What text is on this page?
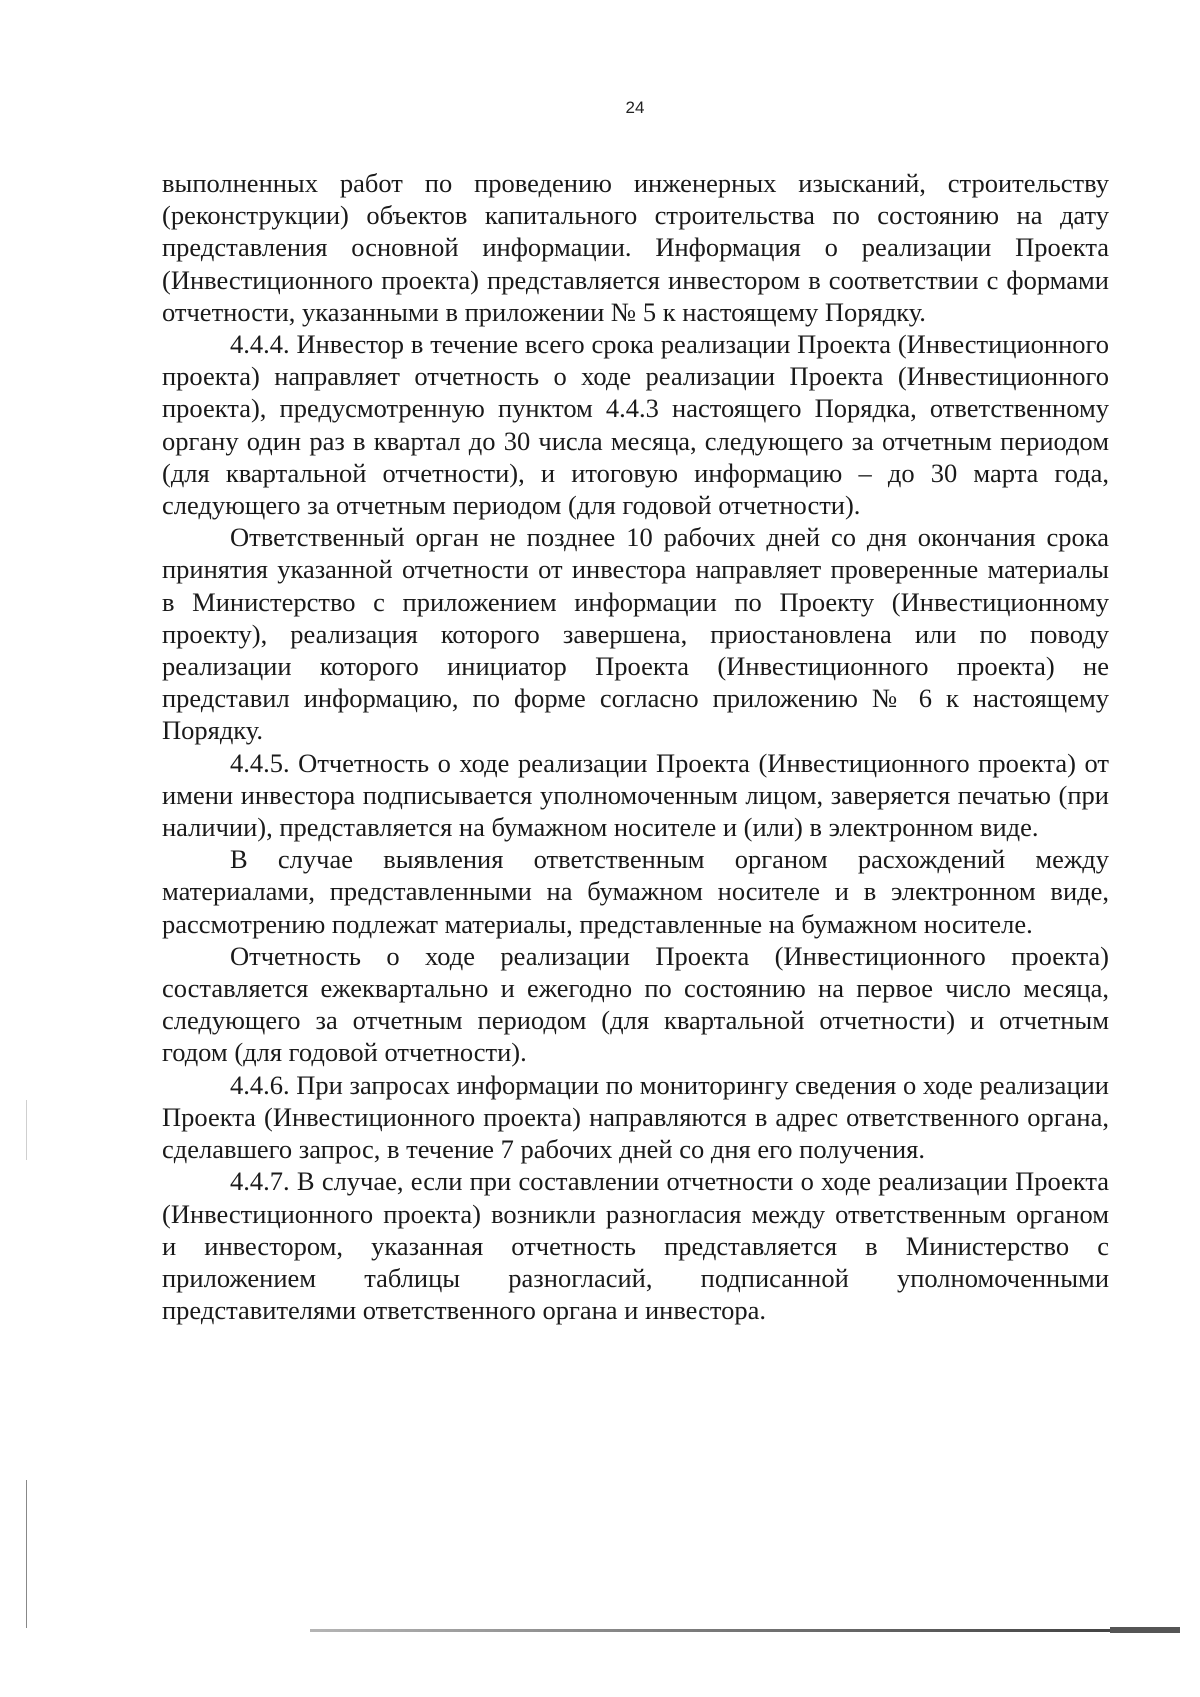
24

выполненных работ по проведению инженерных изысканий, строительству (реконструкции) объектов капитального строительства по состоянию на дату представления основной информации. Информация о реализации Проекта (Инвестиционного проекта) представляется инвестором в соответствии с формами отчетности, указанными в приложении № 5 к настоящему Порядку.

4.4.4. Инвестор в течение всего срока реализации Проекта (Инвестиционного проекта) направляет отчетность о ходе реализации Проекта (Инвестиционного проекта), предусмотренную пунктом 4.4.3 настоящего Порядка, ответственному органу один раз в квартал до 30 числа месяца, следующего за отчетным периодом (для квартальной отчетности), и итоговую информацию – до 30 марта года, следующего за отчетным периодом (для годовой отчетности).

Ответственный орган не позднее 10 рабочих дней со дня окончания срока принятия указанной отчетности от инвестора направляет проверенные материалы в Министерство с приложением информации по Проекту (Инвестиционному проекту), реализация которого завершена, приостановлена или по поводу реализации которого инициатор Проекта (Инвестиционного проекта) не представил информацию, по форме согласно приложению № 6 к настоящему Порядку.

4.4.5. Отчетность о ходе реализации Проекта (Инвестиционного проекта) от имени инвестора подписывается уполномоченным лицом, заверяется печатью (при наличии), представляется на бумажном носителе и (или) в электронном виде.

В случае выявления ответственным органом расхождений между материалами, представленными на бумажном носителе и в электронном виде, рассмотрению подлежат материалы, представленные на бумажном носителе.

Отчетность о ходе реализации Проекта (Инвестиционного проекта) составляется ежеквартально и ежегодно по состоянию на первое число месяца, следующего за отчетным периодом (для квартальной отчетности) и отчетным годом (для годовой отчетности).

4.4.6. При запросах информации по мониторингу сведения о ходе реализации Проекта (Инвестиционного проекта) направляются в адрес ответственного органа, сделавшего запрос, в течение 7 рабочих дней со дня его получения.

4.4.7. В случае, если при составлении отчетности о ходе реализации Проекта (Инвестиционного проекта) возникли разногласия между ответственным органом и инвестором, указанная отчетность представляется в Министерство с приложением таблицы разногласий, подписанной уполномоченными представителями ответственного органа и инвестора.
